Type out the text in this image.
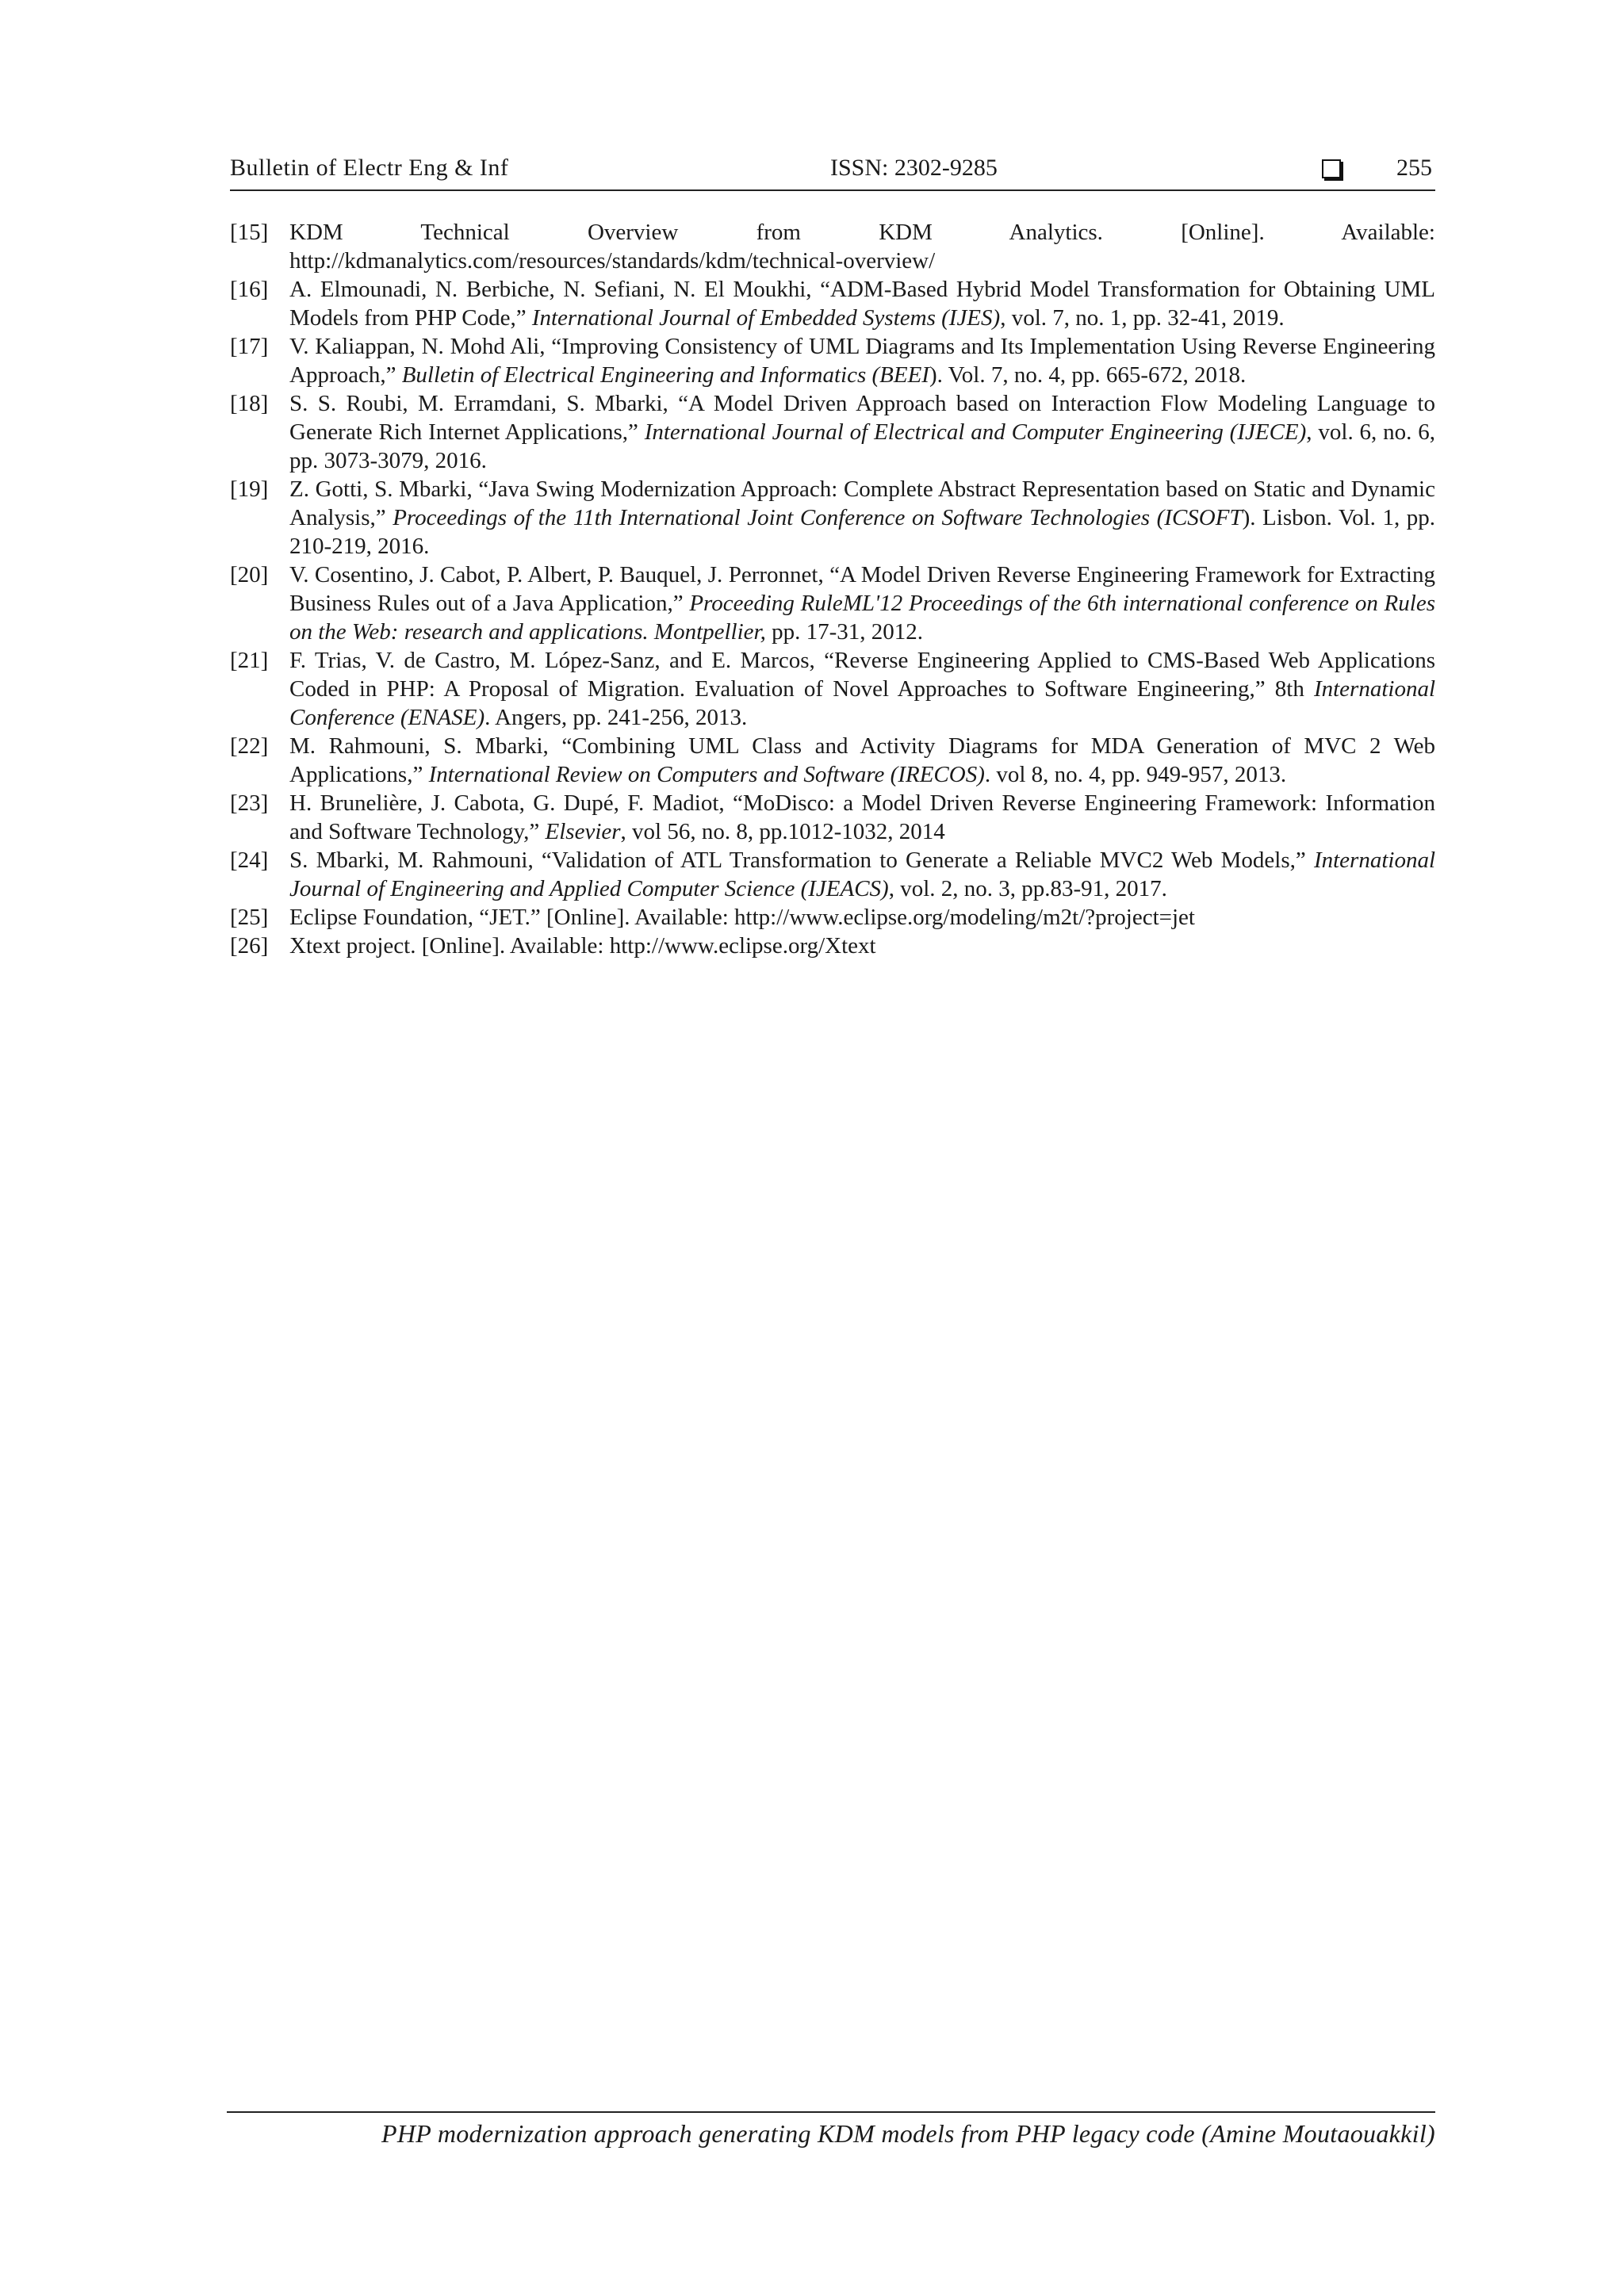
Bulletin of Electr Eng & Inf	ISSN: 2302-9285	255
[15] KDM Technical Overview from KDM Analytics. [Online]. Available: http://kdmanalytics.com/resources/standards/kdm/technical-overview/
[16] A. Elmounadi, N. Berbiche, N. Sefiani, N. El Moukhi, “ADM-Based Hybrid Model Transformation for Obtaining UML Models from PHP Code,” International Journal of Embedded Systems (IJES), vol. 7, no. 1, pp. 32-41, 2019.
[17] V. Kaliappan, N. Mohd Ali, “Improving Consistency of UML Diagrams and Its Implementation Using Reverse Engineering Approach,” Bulletin of Electrical Engineering and Informatics (BEEI). Vol. 7, no. 4, pp. 665-672, 2018.
[18] S. S. Roubi, M. Erramdani, S. Mbarki, “A Model Driven Approach based on Interaction Flow Modeling Language to Generate Rich Internet Applications,” International Journal of Electrical and Computer Engineering (IJECE), vol. 6, no. 6, pp. 3073-3079, 2016.
[19] Z. Gotti, S. Mbarki, “Java Swing Modernization Approach: Complete Abstract Representation based on Static and Dynamic Analysis,” Proceedings of the 11th International Joint Conference on Software Technologies (ICSOFT). Lisbon. Vol. 1, pp. 210-219, 2016.
[20] V. Cosentino, J. Cabot, P. Albert, P. Bauquel, J. Perronnet, “A Model Driven Reverse Engineering Framework for Extracting Business Rules out of a Java Application,” Proceeding RuleML'12 Proceedings of the 6th international conference on Rules on the Web: research and applications. Montpellier, pp. 17-31, 2012.
[21] F. Trias, V. de Castro, M. López-Sanz, and E. Marcos, “Reverse Engineering Applied to CMS-Based Web Applications Coded in PHP: A Proposal of Migration. Evaluation of Novel Approaches to Software Engineering,” 8th International Conference (ENASE). Angers, pp. 241-256, 2013.
[22] M. Rahmouni, S. Mbarki, “Combining UML Class and Activity Diagrams for MDA Generation of MVC 2 Web Applications,” International Review on Computers and Software (IRECOS). vol 8, no. 4, pp. 949-957, 2013.
[23] H. Brunelière, J. Cabota, G. Dupé, F. Madiot, “MoDisco: a Model Driven Reverse Engineering Framework: Information and Software Technology,” Elsevier, vol 56, no. 8, pp.1012-1032, 2014
[24] S. Mbarki, M. Rahmouni, “Validation of ATL Transformation to Generate a Reliable MVC2 Web Models,” International Journal of Engineering and Applied Computer Science (IJEACS), vol. 2, no. 3, pp.83-91, 2017.
[25] Eclipse Foundation, “JET.” [Online]. Available: http://www.eclipse.org/modeling/m2t/?project=jet
[26] Xtext project. [Online]. Available: http://www.eclipse.org/Xtext
PHP modernization approach generating KDM models from PHP legacy code (Amine Moutaouakkil)
